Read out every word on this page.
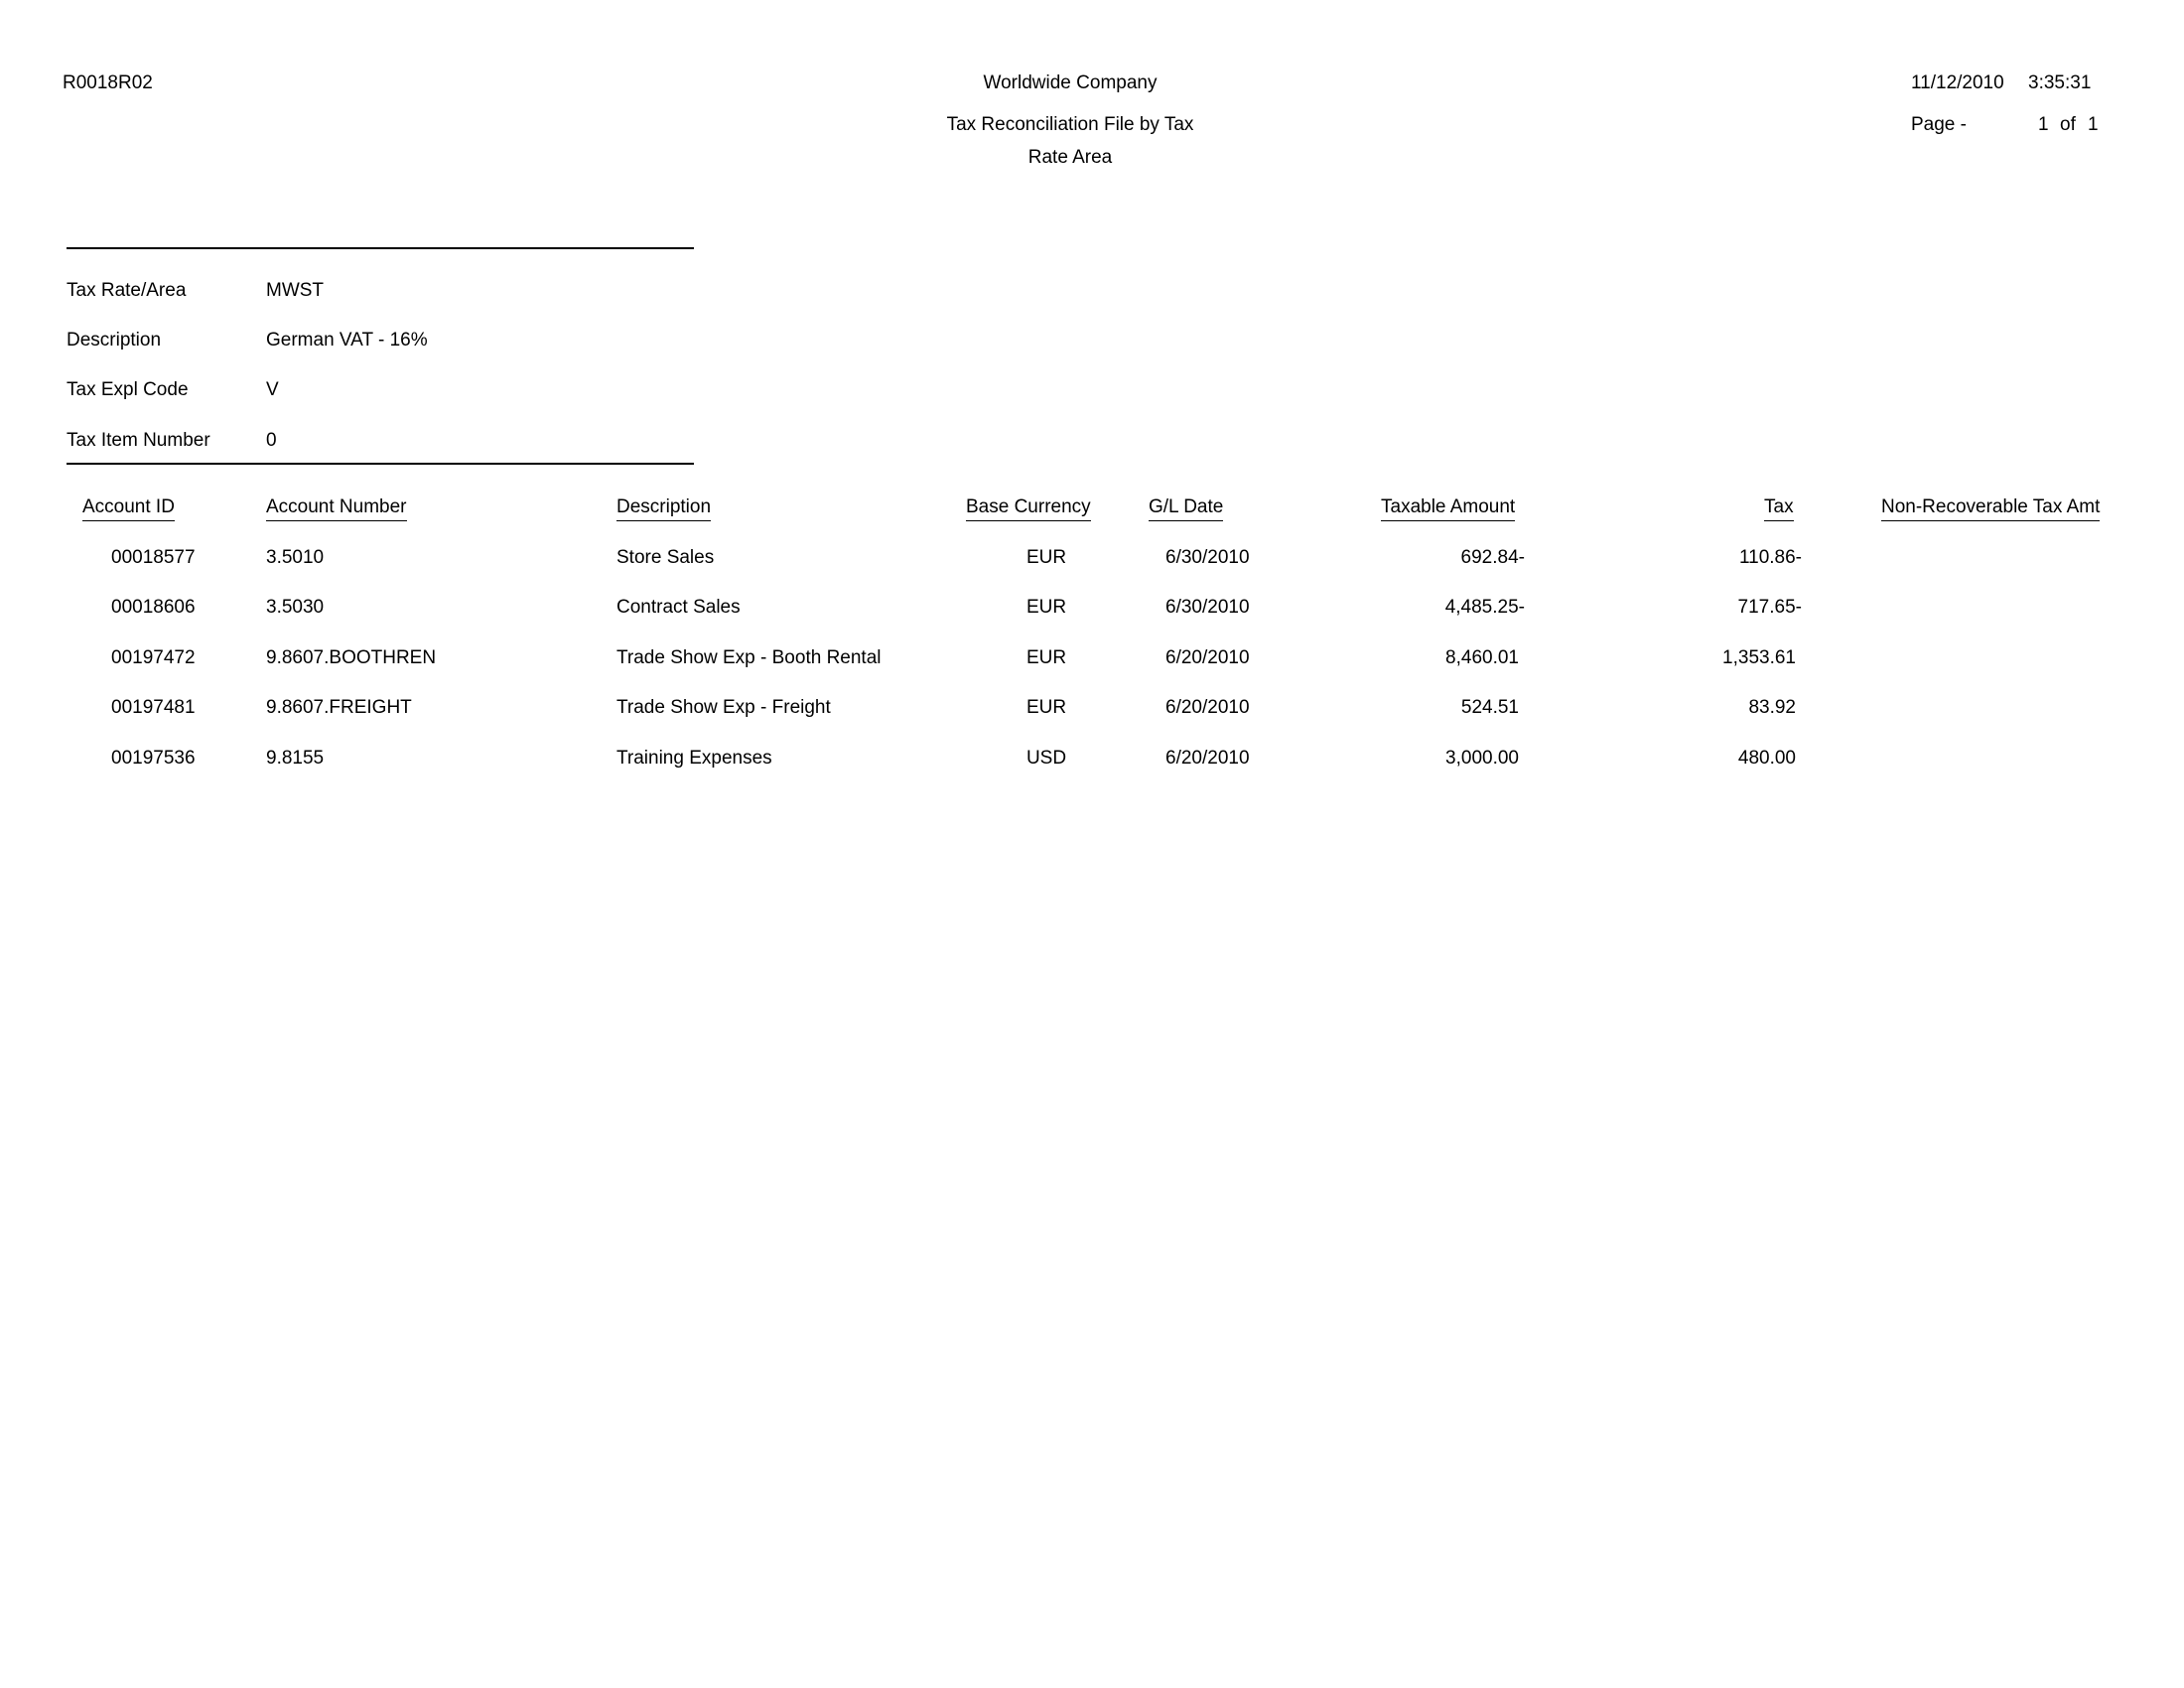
R0018R02	Worldwide Company
Tax Reconciliation File by Tax
Rate Area
11/12/2010 3:35:31
Page -	1 of 1
Tax Rate/Area	MWST
Description	German VAT - 16%
Tax Expl Code	V
Tax Item Number	0
Account ID	Account Number	Description	Base Currency	G/L Date	Taxable Amount	Tax	Non-Recoverable Tax Amt
00018577	3.5010	Store Sales	EUR	6/30/2010	692.84-	110.86-
00018606	3.5030	Contract Sales	EUR	6/30/2010	4,485.25-	717.65-
00197472	9.8607.BOOTHREN	Trade Show Exp - Booth Rental	EUR	6/20/2010	8,460.01	1,353.61
00197481	9.8607.FREIGHT	Trade Show Exp - Freight	EUR	6/20/2010	524.51	83.92
00197536	9.8155	Training Expenses	USD	6/20/2010	3,000.00	480.00
